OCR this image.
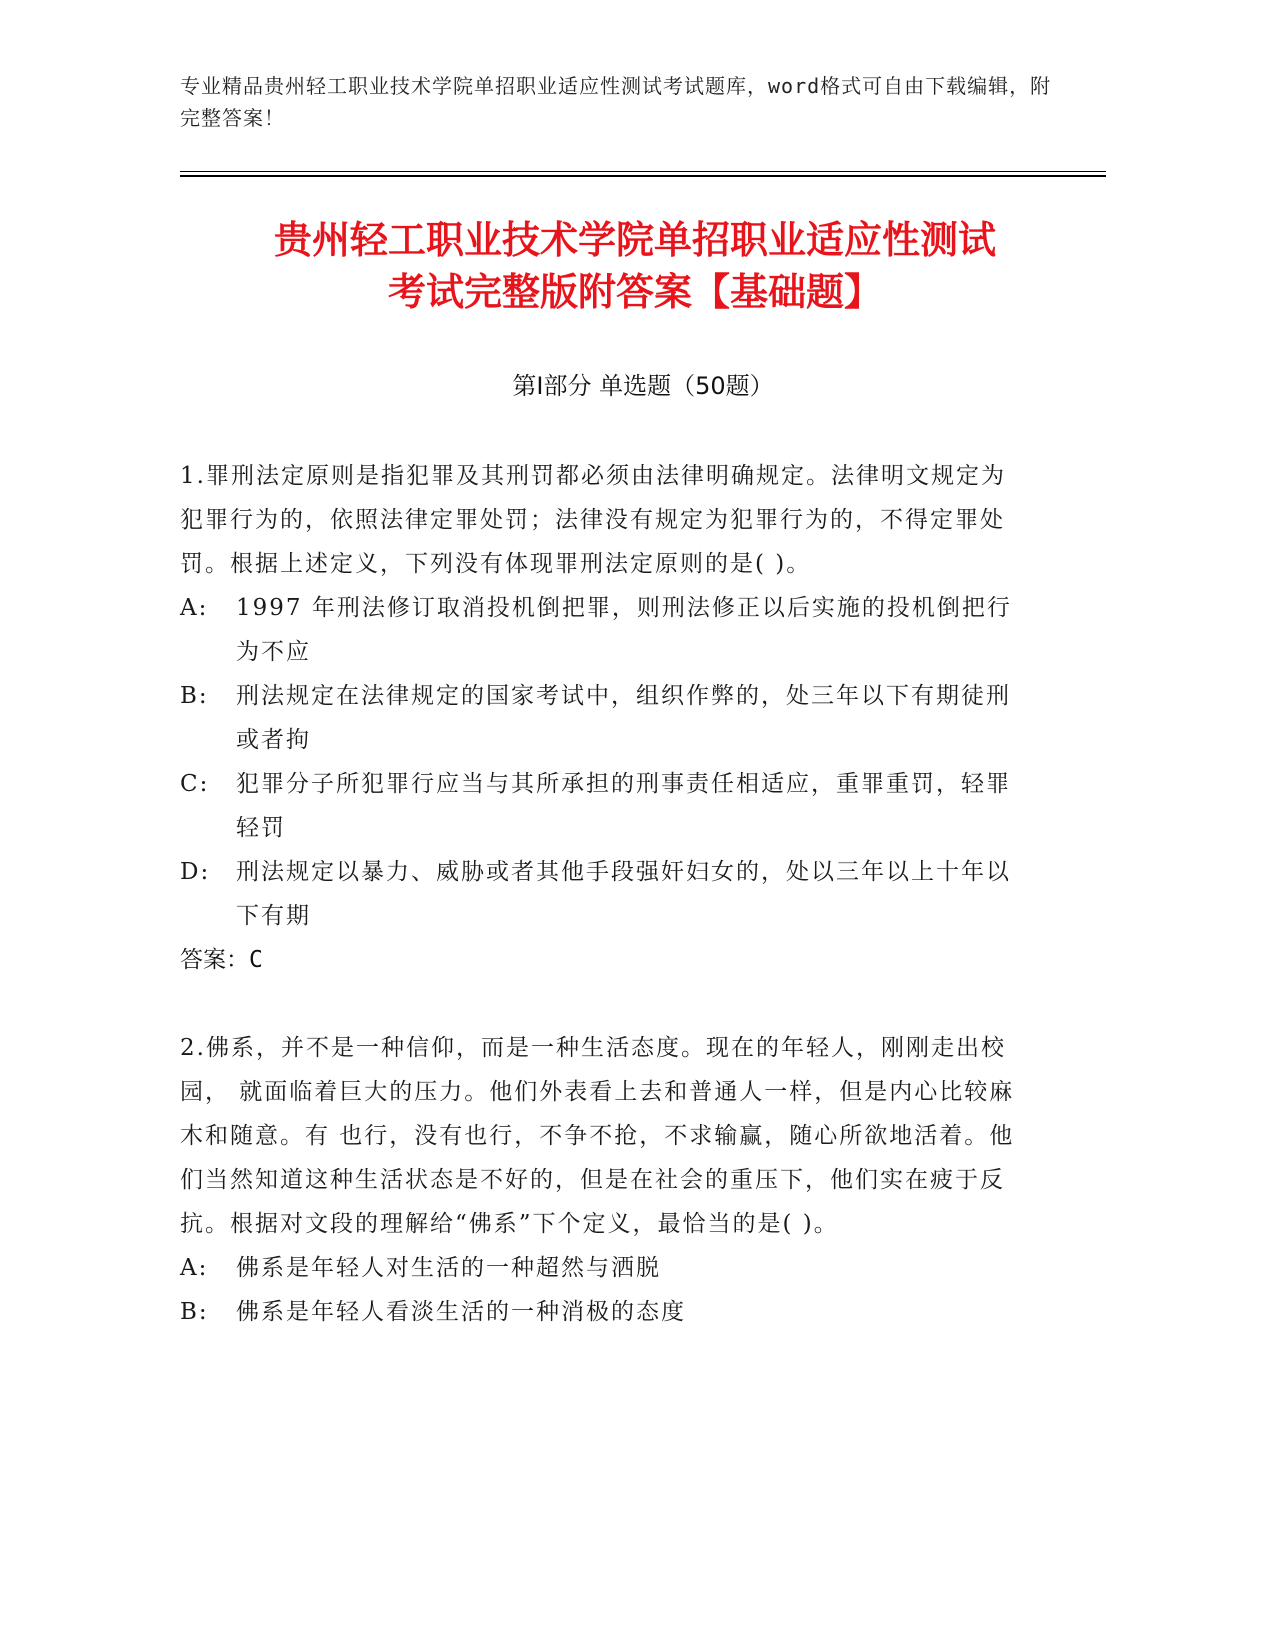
专业精品贵州轻工职业技术学院单招职业适应性测试考试题库，word格式可自由下载编辑，附完整答案！
贵州轻工职业技术学院单招职业适应性测试
考试完整版附答案【基础题】
第Ⅰ部分 单选题（50题）

1.罪刑法定原则是指犯罪及其刑罚都必须由法律明确规定。法律明文规定为犯罪行为的，依照法律定罪处罚；法律没有规定为犯罪行为的，不得定罪处罚。根据上述定义，下列没有体现罪刑法定原则的是( )。

A: 1997 年刑法修订取消投机倒把罪，则刑法修正以后实施的投机倒把行为不应

B: 刑法规定在法律规定的国家考试中，组织作弊的，处三年以下有期徒刑或者拘

C: 犯罪分子所犯罪行应当与其所承担的刑事责任相适应，重罪重罚，轻罪轻罚

D: 刑法规定以暴力、威胁或者其他手段强奸妇女的，处以三年以上十年以下有期

答案：C

2.佛系，并不是一种信仰，而是一种生活态度。现在的年轻人，刚刚走出校园， 就面临着巨大的压力。他们外表看上去和普通人一样，但是内心比较麻木和随意。有 也行，没有也行，不争不抢，不求输赢，随心所欲地活着。他们当然知道这种生活状态是不好的，但是在社会的重压下，他们实在疲于反抗。根据对文段的理解给“佛系”下个定义，最恰当的是( )。

A: 佛系是年轻人对生活的一种超然与洒脱

B: 佛系是年轻人看淡生活的一种消极的态度
